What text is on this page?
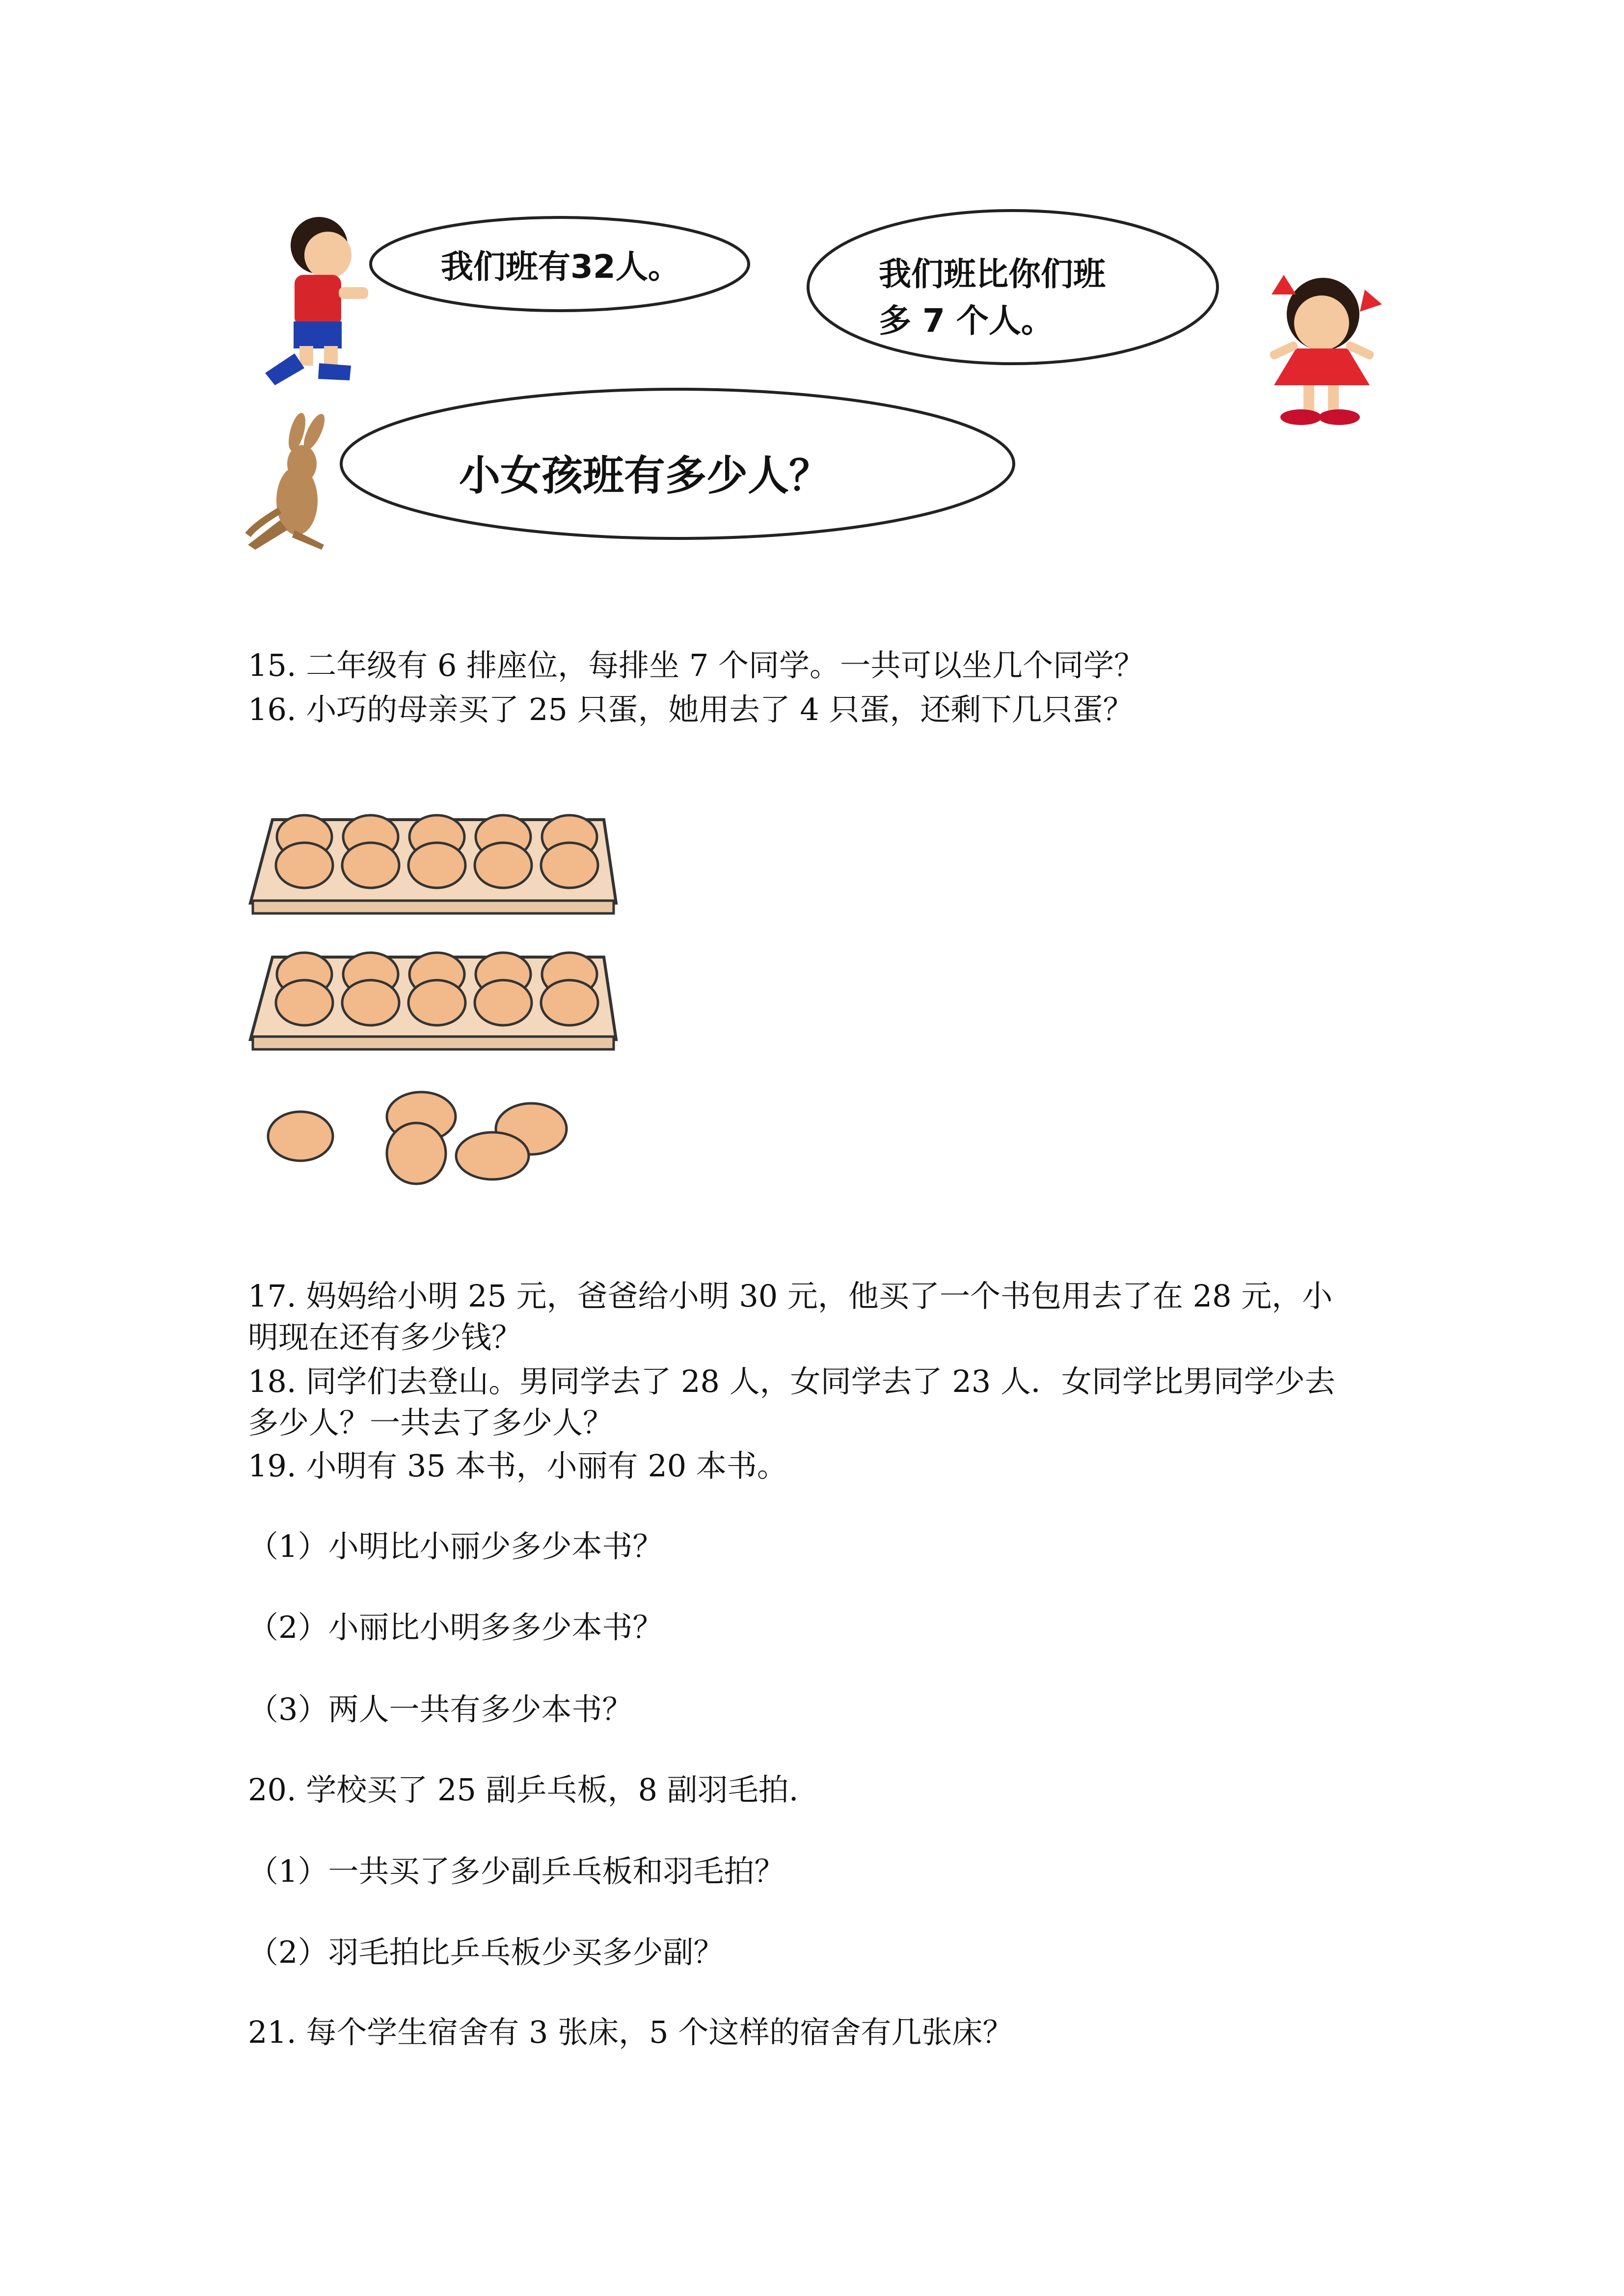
我们班有32人。	我们班比你们班
多 7 个人。
小女孩班有多少人？
15. 二年级有 6 排座位，每排坐 7 个同学。一共可以坐几个同学？
16. 小巧的母亲买了 25 只蛋，她用去了 4 只蛋，还剩下几只蛋？
17. 妈妈给小明 25 元，爸爸给小明 30 元，他买了一个书包用去了在 28 元，小
明现在还有多少钱？
18. 同学们去登山。男同学去了 28 人，女同学去了 23 人．女同学比男同学少去
多少人？一共去了多少人？
19. 小明有 35 本书，小丽有 20 本书。
（1）小明比小丽少多少本书？
（2）小丽比小明多多少本书？
（3）两人一共有多少本书？
20. 学校买了 25 副乒乓板，8 副羽毛拍.
（1）一共买了多少副乒乓板和羽毛拍？
（2）羽毛拍比乒乓板少买多少副？
21. 每个学生宿舍有 3 张床，5 个这样的宿舍有几张床？
